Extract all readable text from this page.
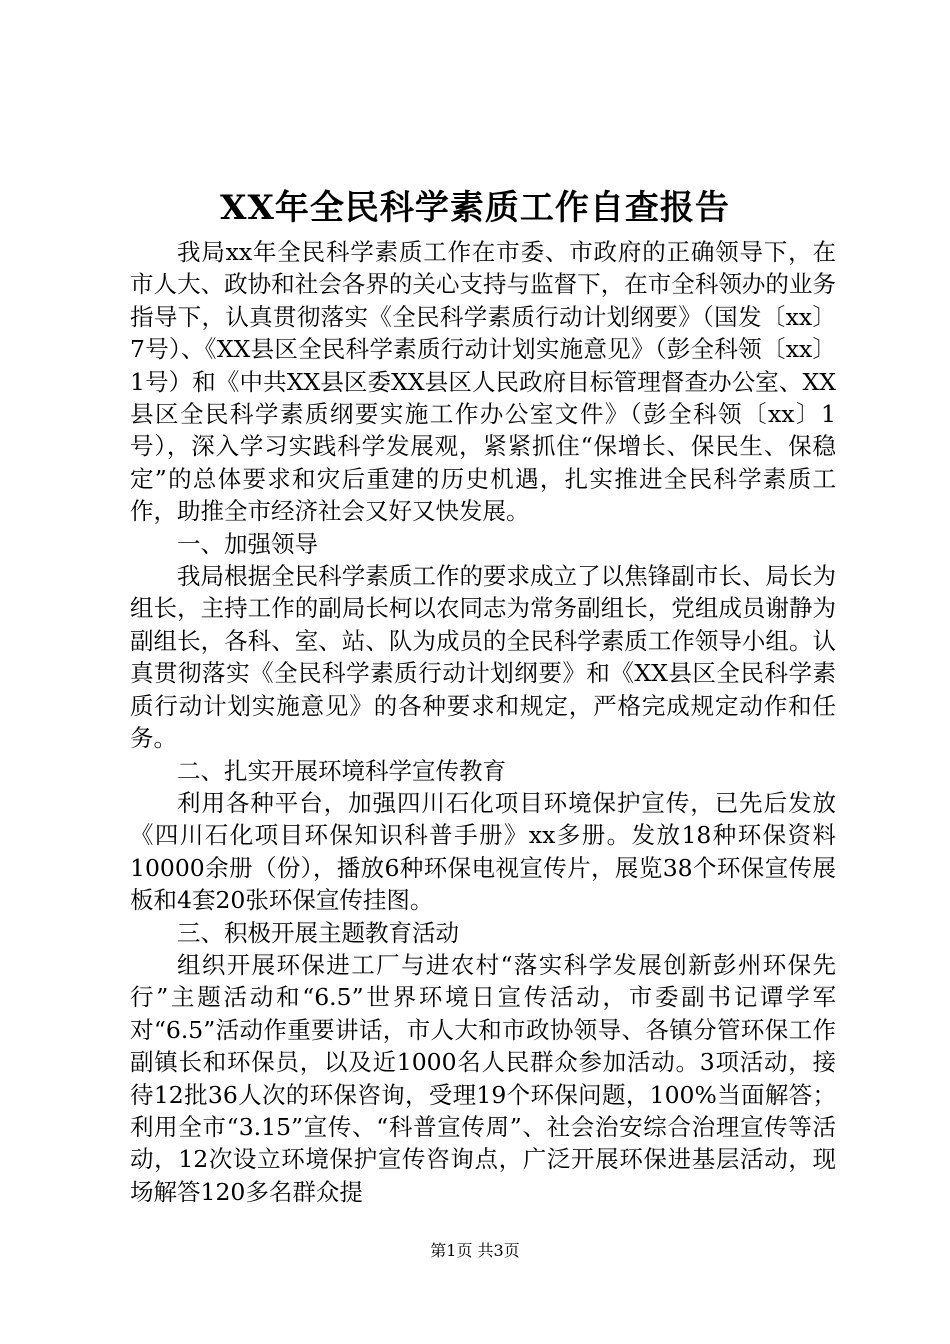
XX年全民科学素质工作自查报告

我局xx年全民科学素质工作在市委、市政府的正确领导下，在市人大、政协和社会各界的关心支持与监督下，在市全科领办的业务指导下，认真贯彻落实《全民科学素质行动计划纲要》（国发〔xx〕7号）、《XX县区全民科学素质行动计划实施意见》（彭全科领〔xx〕1号）和《中共XX县区委XX县区人民政府目标管理督查办公室、XX县区全民科学素质纲要实施工作办公室文件》（彭全科领〔xx〕1号），深入学习实践科学发展观，紧紧抓住“保增长、保民生、保稳定”的总体要求和灾后重建的历史机遇，扎实推进全民科学素质工作，助推全市经济社会又好又快发展。

一、加强领导

我局根据全民科学素质工作的要求成立了以焦锋副市长、局长为组长，主持工作的副局长柯以农同志为常务副组长，党组成员谢静为副组长，各科、室、站、队为成员的全民科学素质工作领导小组。认真贯彻落实《全民科学素质行动计划纲要》和《XX县区全民科学素质行动计划实施意见》的各种要求和规定，严格完成规定动作和任务。

二、扎实开展环境科学宣传教育

利用各种平台，加强四川石化项目环境保护宣传，已先后发放《四川石化项目环保知识科普手册》xx多册。发放18种环保资料10000余册（份），播放6种环保电视宣传片，展览38个环保宣传展板和4套20张环保宣传挂图。

三、积极开展主题教育活动

组织开展环保进工厂与进农村“落实科学发展创新彭州环保先行”主题活动和“6.5”世界环境日宣传活动，市委副书记谭学军对“6.5”活动作重要讲话，市人大和市政协领导、各镇分管环保工作副镇长和环保员，以及近1000名人民群众参加活动。3项活动，接待12批36人次的环保咨询，受理19个环保问题，100%当面解答；利用全市“3.15”宣传、“科普宣传周”、社会治安综合治理宣传等活动，12次设立环境保护宣传咨询点，广泛开展环保进基层活动，现场解答120多名群众提

第1页 共3页
